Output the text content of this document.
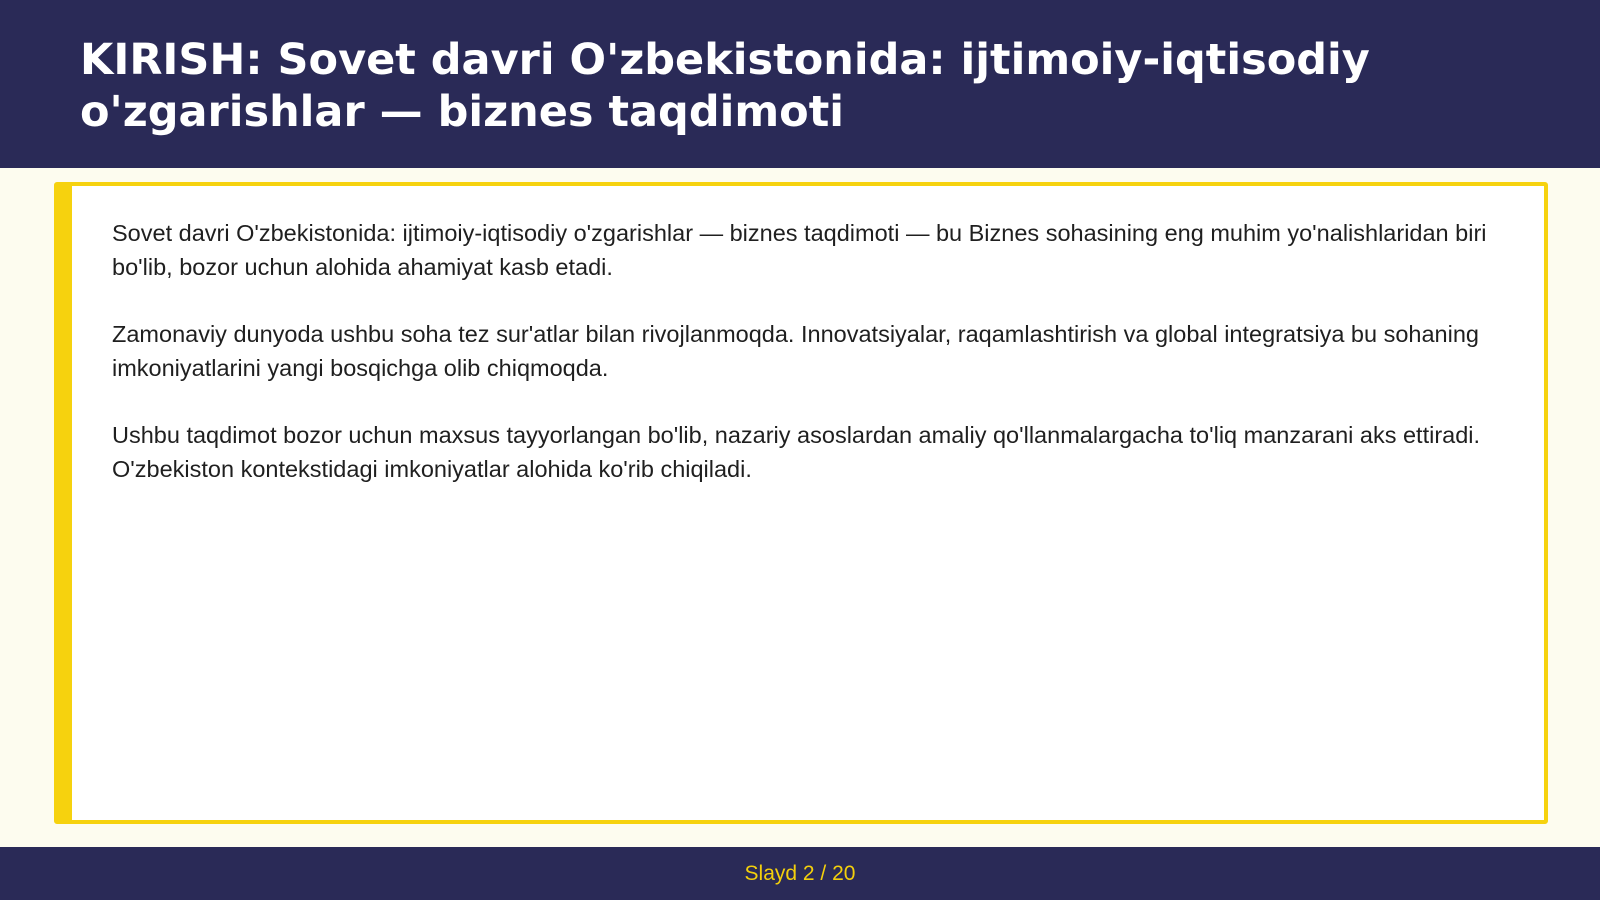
KIRISH: Sovet davri O'zbekistonida: ijtimoiy-iqtisodiy o'zgarishlar — biznes taqdimoti

Sovet davri O'zbekistonida: ijtimoiy-iqtisodiy o'zgarishlar — biznes taqdimoti — bu Biznes sohasining eng muhim yo'nalishlaridan biri bo'lib, bozor uchun alohida ahamiyat kasb etadi.

Zamonaviy dunyoda ushbu soha tez sur'atlar bilan rivojlanmoqda. Innovatsiyalar, raqamlashtirish va global integratsiya bu sohaning imkoniyatlarini yangi bosqichga olib chiqmoqda.

Ushbu taqdimot bozor uchun maxsus tayyorlangan bo'lib, nazariy asoslardan amaliy qo'llanmalargacha to'liq manzarani aks ettiradi. O'zbekiston kontekstidagi imkoniyatlar alohida ko'rib chiqiladi.

Slayd 2 / 20
